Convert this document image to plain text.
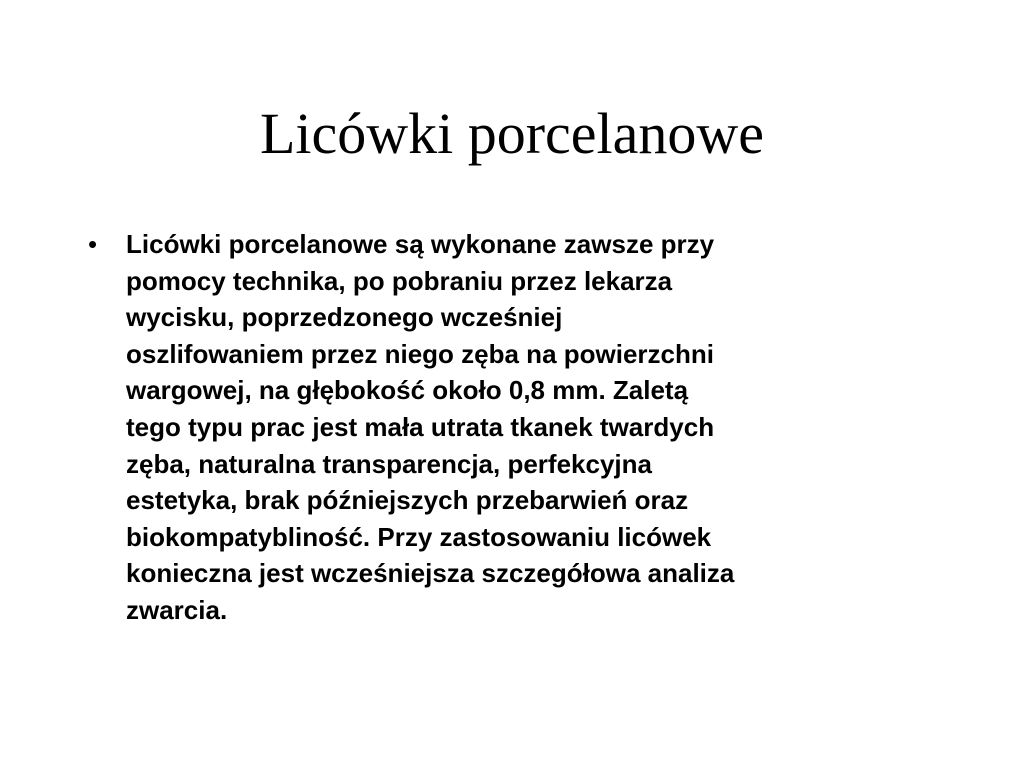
Licówki porcelanowe
• Licówki porcelanowe są wykonane zawsze przy
pomocy technika, po pobraniu przez lekarza
wycisku, poprzedzonego wcześniej
oszlifowaniem przez niego zęba na powierzchni
wargowej, na głębokość około 0,8 mm. Zaletą
tego typu prac jest mała utrata tkanek twardych
zęba, naturalna transparencja, perfekcyjna
estetyka, brak późniejszych przebarwień oraz
biokompatybliność. Przy zastosowaniu licówek
konieczna jest wcześniejsza szczegółowa analiza
zwarcia.
